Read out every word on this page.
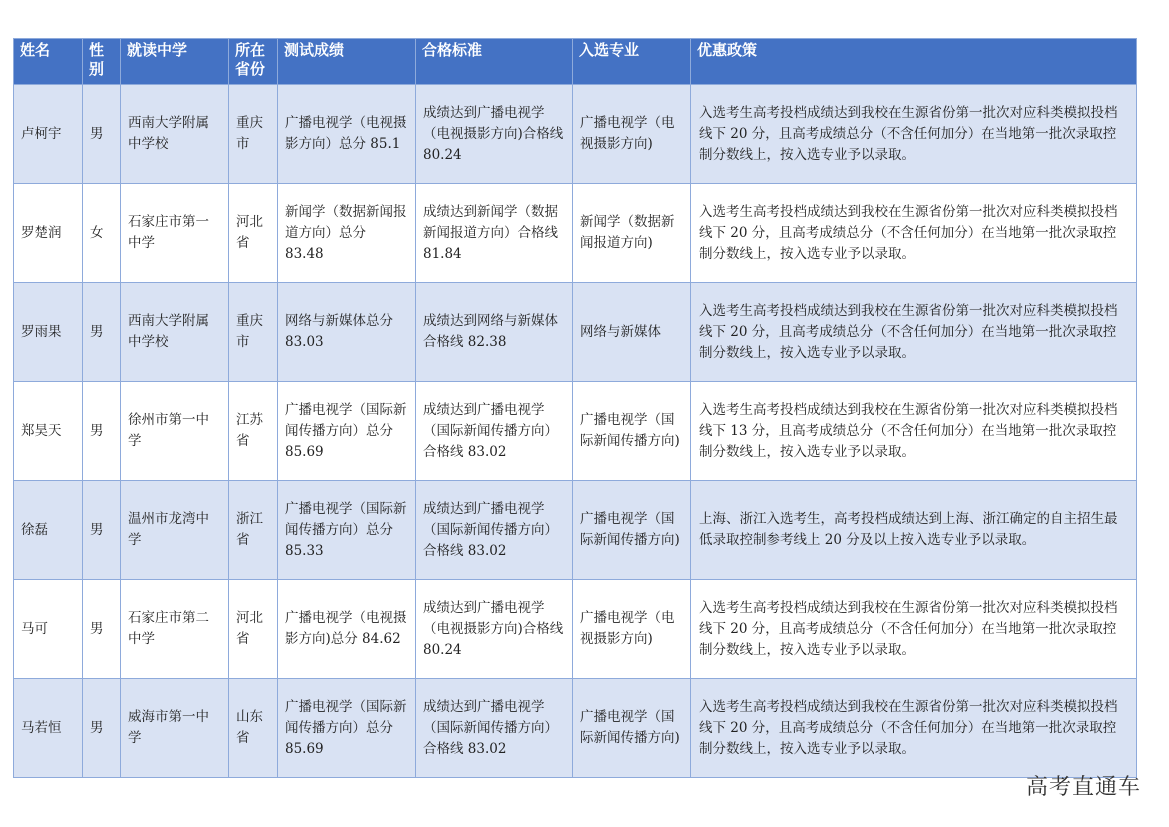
姓名	性别	就读中学	所在省份	测试成绩	合格标准	入选专业	优惠政策
卢柯宇	男	西南大学附属中学校	重庆市	广播电视学（电视摄影方向）总分 85.1	成绩达到广播电视学（电视摄影方向)合格线 80.24	广播电视学（电视摄影方向)	入选考生高考投档成绩达到我校在生源省份第一批次对应科类模拟投档线下 20 分，且高考成绩总分（不含任何加分）在当地第一批次录取控制分数线上，按入选专业予以录取。
罗楚润	女	石家庄市第一中学	河北省	新闻学（数据新闻报道方向）总分 83.48	成绩达到新闻学（数据新闻报道方向）合格线 81.84	新闻学（数据新闻报道方向)	入选考生高考投档成绩达到我校在生源省份第一批次对应科类模拟投档线下 20 分，且高考成绩总分（不含任何加分）在当地第一批次录取控制分数线上，按入选专业予以录取。
罗雨果	男	西南大学附属中学校	重庆市	网络与新媒体总分 83.03	成绩达到网络与新媒体合格线 82.38	网络与新媒体	入选考生高考投档成绩达到我校在生源省份第一批次对应科类模拟投档线下 20 分，且高考成绩总分（不含任何加分）在当地第一批次录取控制分数线上，按入选专业予以录取。
郑昊天	男	徐州市第一中学	江苏省	广播电视学（国际新闻传播方向）总分 85.69	成绩达到广播电视学（国际新闻传播方向）合格线 83.02	广播电视学（国际新闻传播方向)	入选考生高考投档成绩达到我校在生源省份第一批次对应科类模拟投档线下 13 分，且高考成绩总分（不含任何加分）在当地第一批次录取控制分数线上，按入选专业予以录取。
徐磊	男	温州市龙湾中学	浙江省	广播电视学（国际新闻传播方向）总分 85.33	成绩达到广播电视学（国际新闻传播方向）合格线 83.02	广播电视学（国际新闻传播方向)	上海、浙江入选考生，高考投档成绩达到上海、浙江确定的自主招生最低录取控制参考线上 20 分及以上按入选专业予以录取。
马可	男	石家庄市第二中学	河北省	广播电视学（电视摄影方向)总分 84.62	成绩达到广播电视学（电视摄影方向)合格线 80.24	广播电视学（电视摄影方向)	入选考生高考投档成绩达到我校在生源省份第一批次对应科类模拟投档线下 20 分，且高考成绩总分（不含任何加分）在当地第一批次录取控制分数线上，按入选专业予以录取。
马若恒	男	威海市第一中学	山东省	广播电视学（国际新闻传播方向）总分 85.69	成绩达到广播电视学（国际新闻传播方向）合格线 83.02	广播电视学（国际新闻传播方向)	入选考生高考投档成绩达到我校在生源省份第一批次对应科类模拟投档线下 20 分，且高考成绩总分（不含任何加分）在当地第一批次录取控制分数线上，按入选专业予以录取。
高考直通车
